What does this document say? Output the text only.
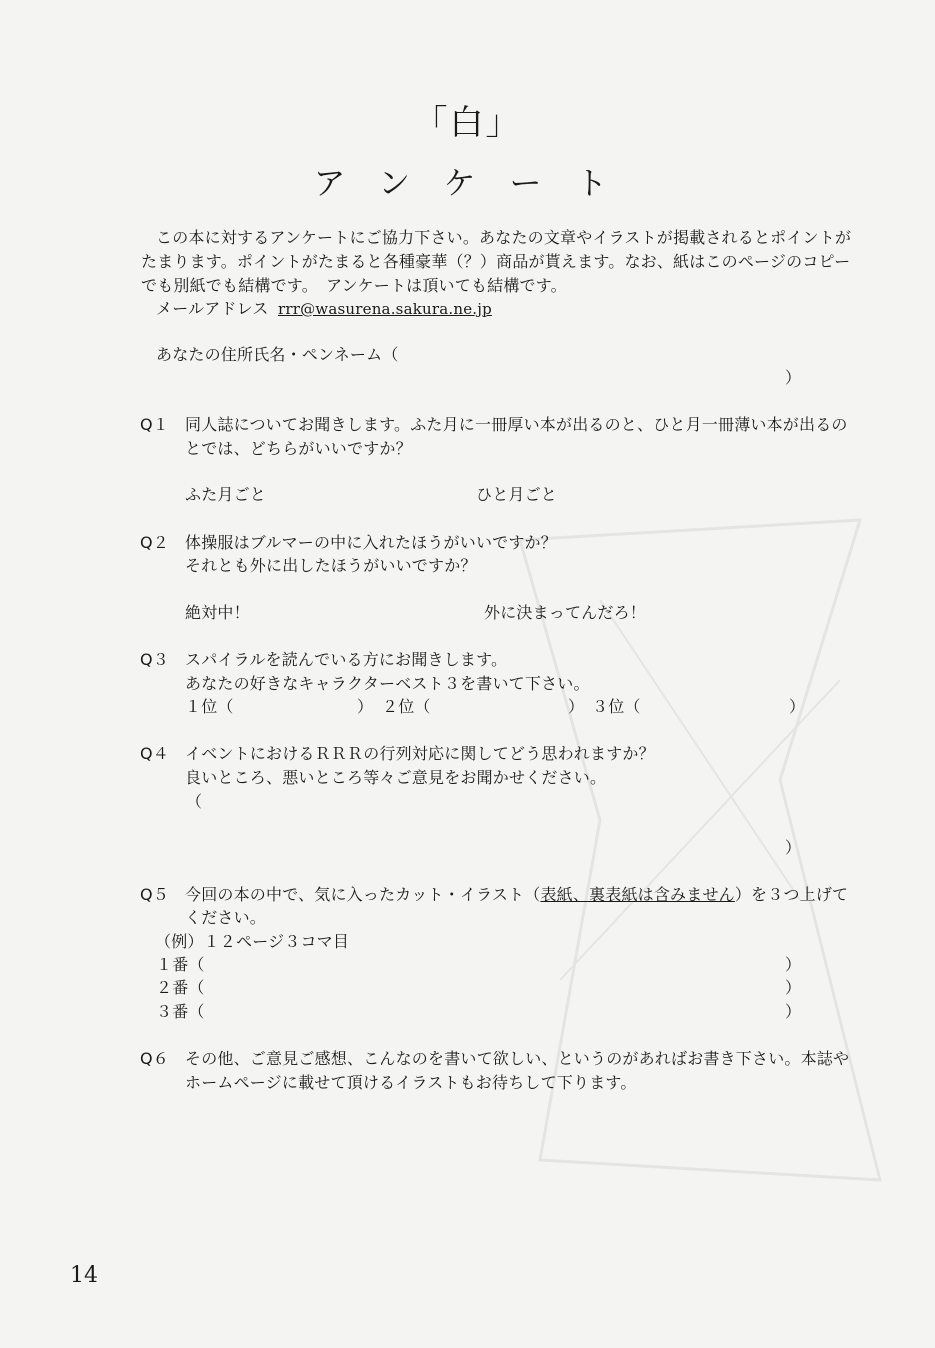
「白」
アンケート
この本に対するアンケートにご協力下さい。あなたの文章やイラストが掲載されるとポイントが
たまります。ポイントがたまると各種豪華（？）商品が貰えます。なお、紙はこのページのコピー
でも別紙でも結構です。　アンケートは頂いても結構です。
メールアドレス rrr@wasurena.sakura.ne.jp
あなたの住所氏名・ペンネーム（
）
Q１ 同人誌についてお聞きします。ふた月に一冊厚い本が出るのと、ひと月一冊薄い本が出るの
とでは、どちらがいいですか？
ふた月ごと	ひと月ごと
Q２ 体操服はブルマーの中に入れたほうがいいですか？
それとも外に出したほうがいいですか？
絶対中！	外に決まってんだろ！
Q３ スパイラルを読んでいる方にお聞きします。
あなたの好きなキャラクターベスト３を書いて下さい。
１位（	） ２位（	） ３位（	）
Q４ イベントにおけるＲＲＲの行列対応に関してどう思われますか？
良いところ、悪いところ等々ご意見をお聞かせください。
（
）
Q５ 今回の本の中で、気に入ったカット・イラスト（表紙、裏表紙は含みません）を３つ上げて
ください。
（例）１２ページ３コマ目
１番（	）
２番（	）
３番（	）
Q６ その他、ご意見ご感想、こんなのを書いて欲しい、というのがあればお書き下さい。本誌や
ホームページに載せて頂けるイラストもお待ちして下ります。
14
